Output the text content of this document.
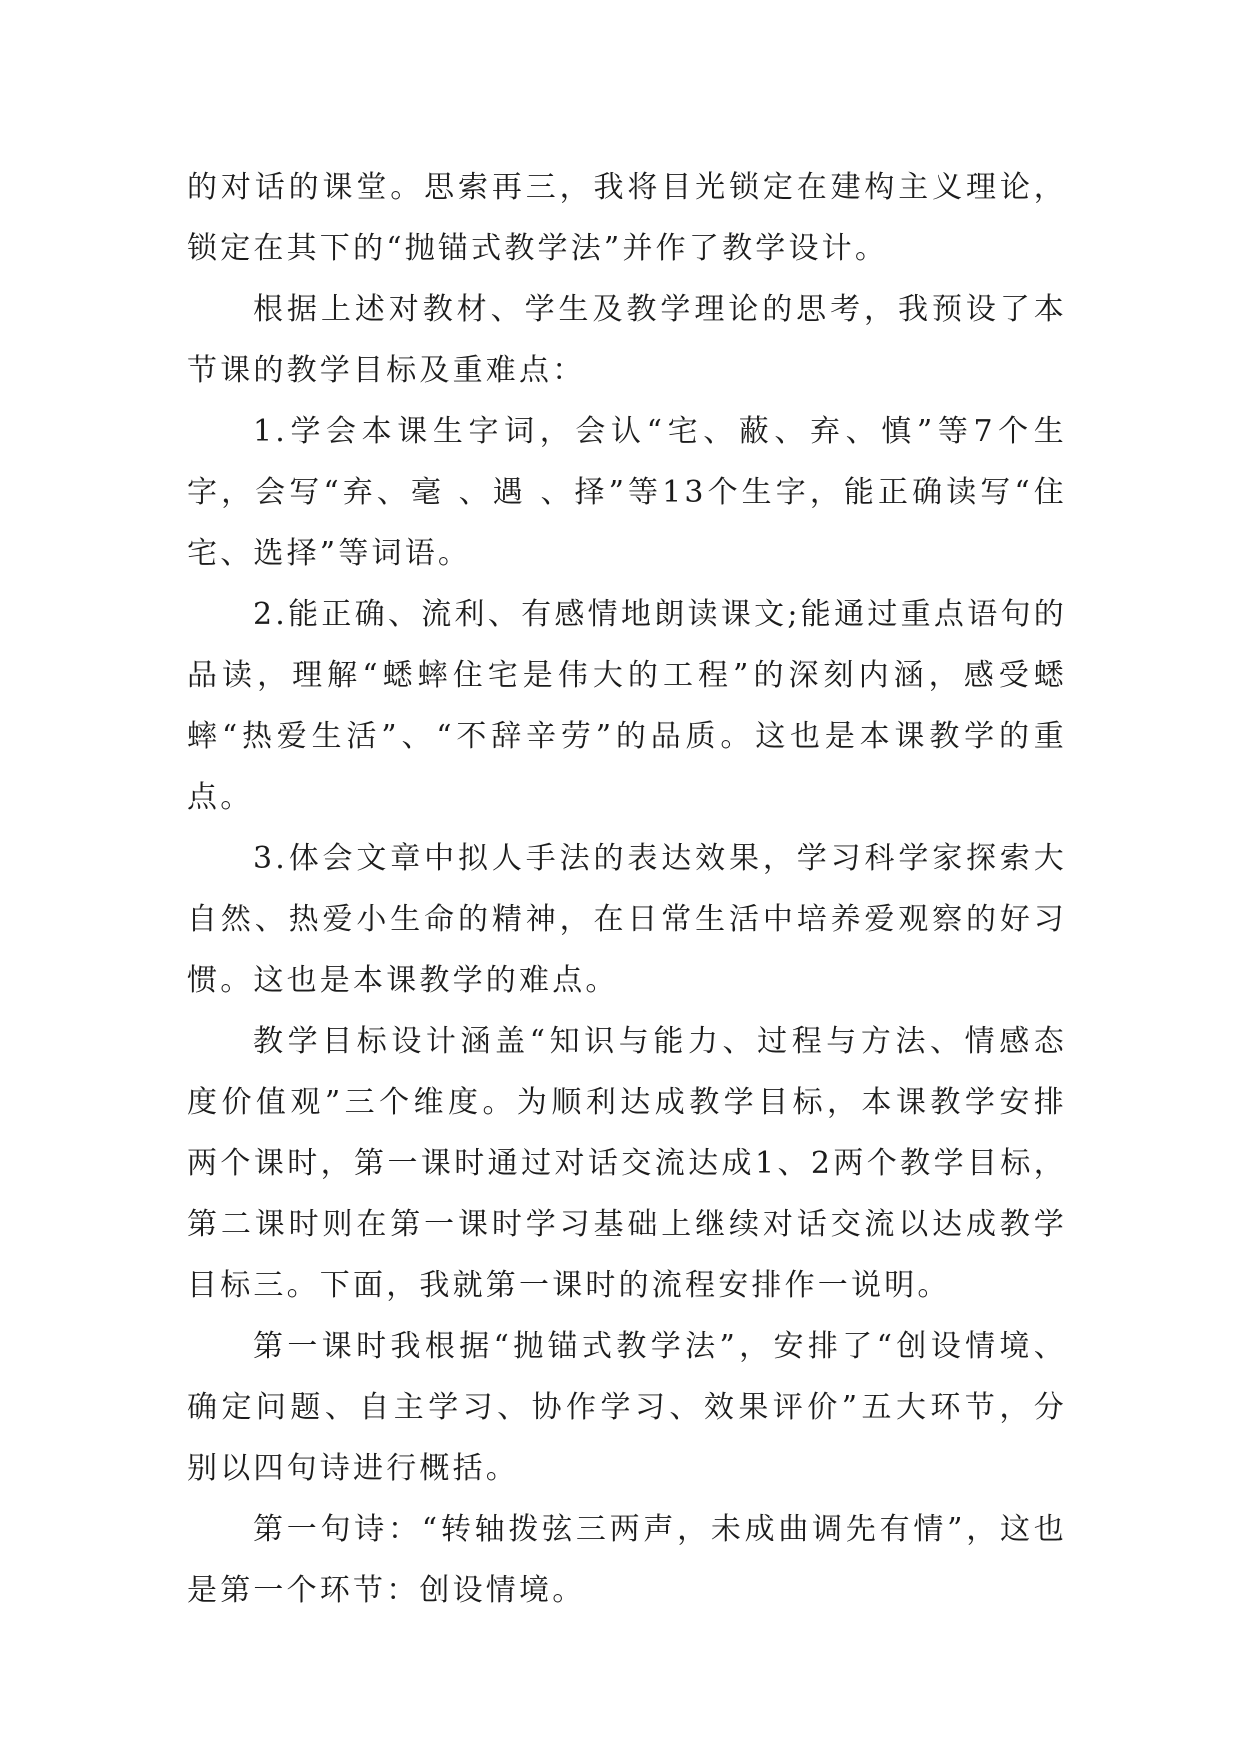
的对话的课堂。思索再三，我将目光锁定在建构主义理论，锁定在其下的“抛锚式教学法”并作了教学设计。

根据上述对教材、学生及教学理论的思考，我预设了本节课的教学目标及重难点：

1.学会本课生字词，会认“宅、蔽、弃、慎”等7个生字，会写“弃、毫 、遇 、择”等13个生字，能正确读写“住宅、选择”等词语。

2.能正确、流利、有感情地朗读课文;能通过重点语句的品读，理解“蟋蟀住宅是伟大的工程”的深刻内涵，感受蟋蟀“热爱生活”、“不辞辛劳”的品质。这也是本课教学的重点。

3.体会文章中拟人手法的表达效果，学习科学家探索大自然、热爱小生命的精神，在日常生活中培养爱观察的好习惯。这也是本课教学的难点。

教学目标设计涵盖“知识与能力、过程与方法、情感态度价值观”三个维度。为顺利达成教学目标，本课教学安排两个课时，第一课时通过对话交流达成1、2两个教学目标，第二课时则在第一课时学习基础上继续对话交流以达成教学目标三。下面，我就第一课时的流程安排作一说明。

第一课时我根据“抛锚式教学法”，安排了“创设情境、确定问题、自主学习、协作学习、效果评价”五大环节，分别以四句诗进行概括。

第一句诗：“转轴拨弦三两声，未成曲调先有情”，这也是第一个环节：创设情境。
